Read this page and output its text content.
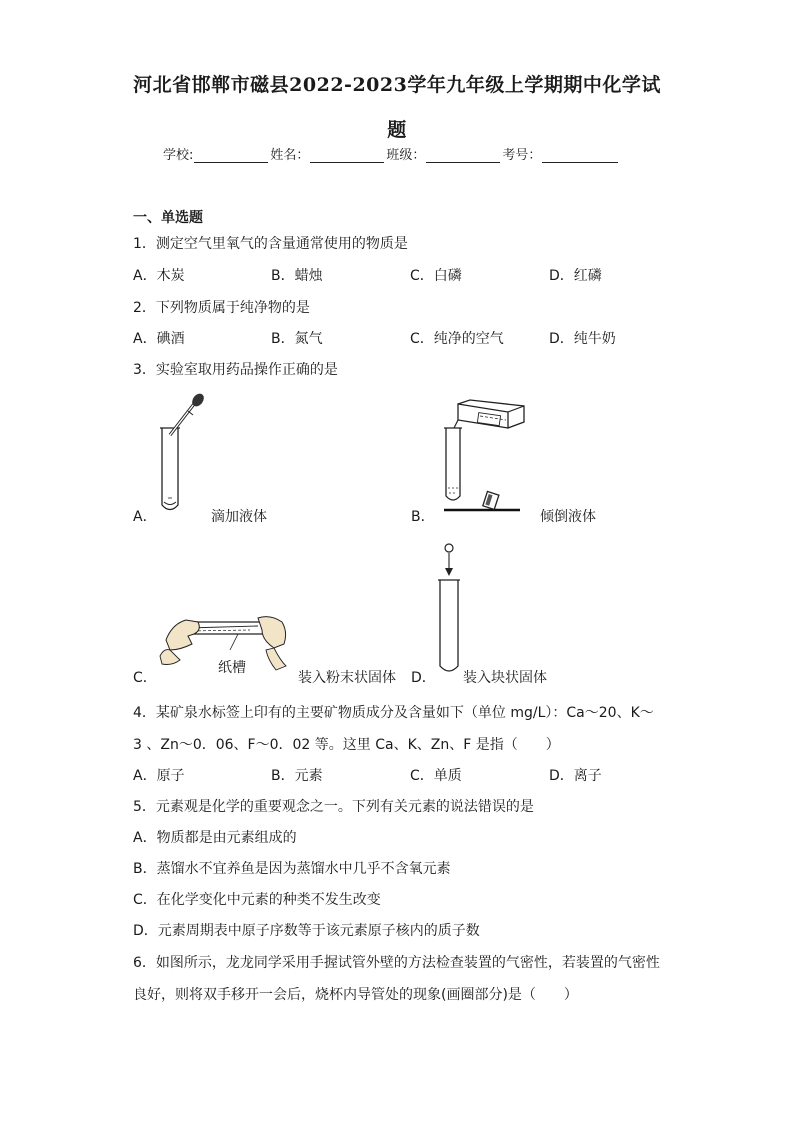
河北省邯郸市磁县2022-2023学年九年级上学期期中化学试
题
学校:	姓名：	班级：	考号：
一、单选题
1．测定空气里氧气的含量通常使用的物质是
A．木炭	B．蜡烛	C．白磷	D．红磷
2．下列物质属于纯净物的是
A．碘酒	B．氮气	C．纯净的空气	D．纯牛奶
3．实验室取用药品操作正确的是
A．	滴加液体	B．	倾倒液体
C．
纸槽
装入粉末状固体 D． 装入块状固体
4．某矿泉水标签上印有的主要矿物质成分及含量如下（单位 mg/L）：Ca～20、K～
3 、Zn～0．06、F～0．02 等。这里 Ca、K、Zn、F 是指（　　）
A．原子	B．元素	C．单质	D．离子
5．元素观是化学的重要观念之一。下列有关元素的说法错误的是
A．物质都是由元素组成的
B．蒸馏水不宜养鱼是因为蒸馏水中几乎不含氧元素
C．在化学变化中元素的种类不发生改变
D．元素周期表中原子序数等于该元素原子核内的质子数
6．如图所示，龙龙同学采用手握试管外壁的方法检查装置的气密性，若装置的气密性
良好，则将双手移开一会后，烧杯内导管处的现象(画圈部分)是（　　）
